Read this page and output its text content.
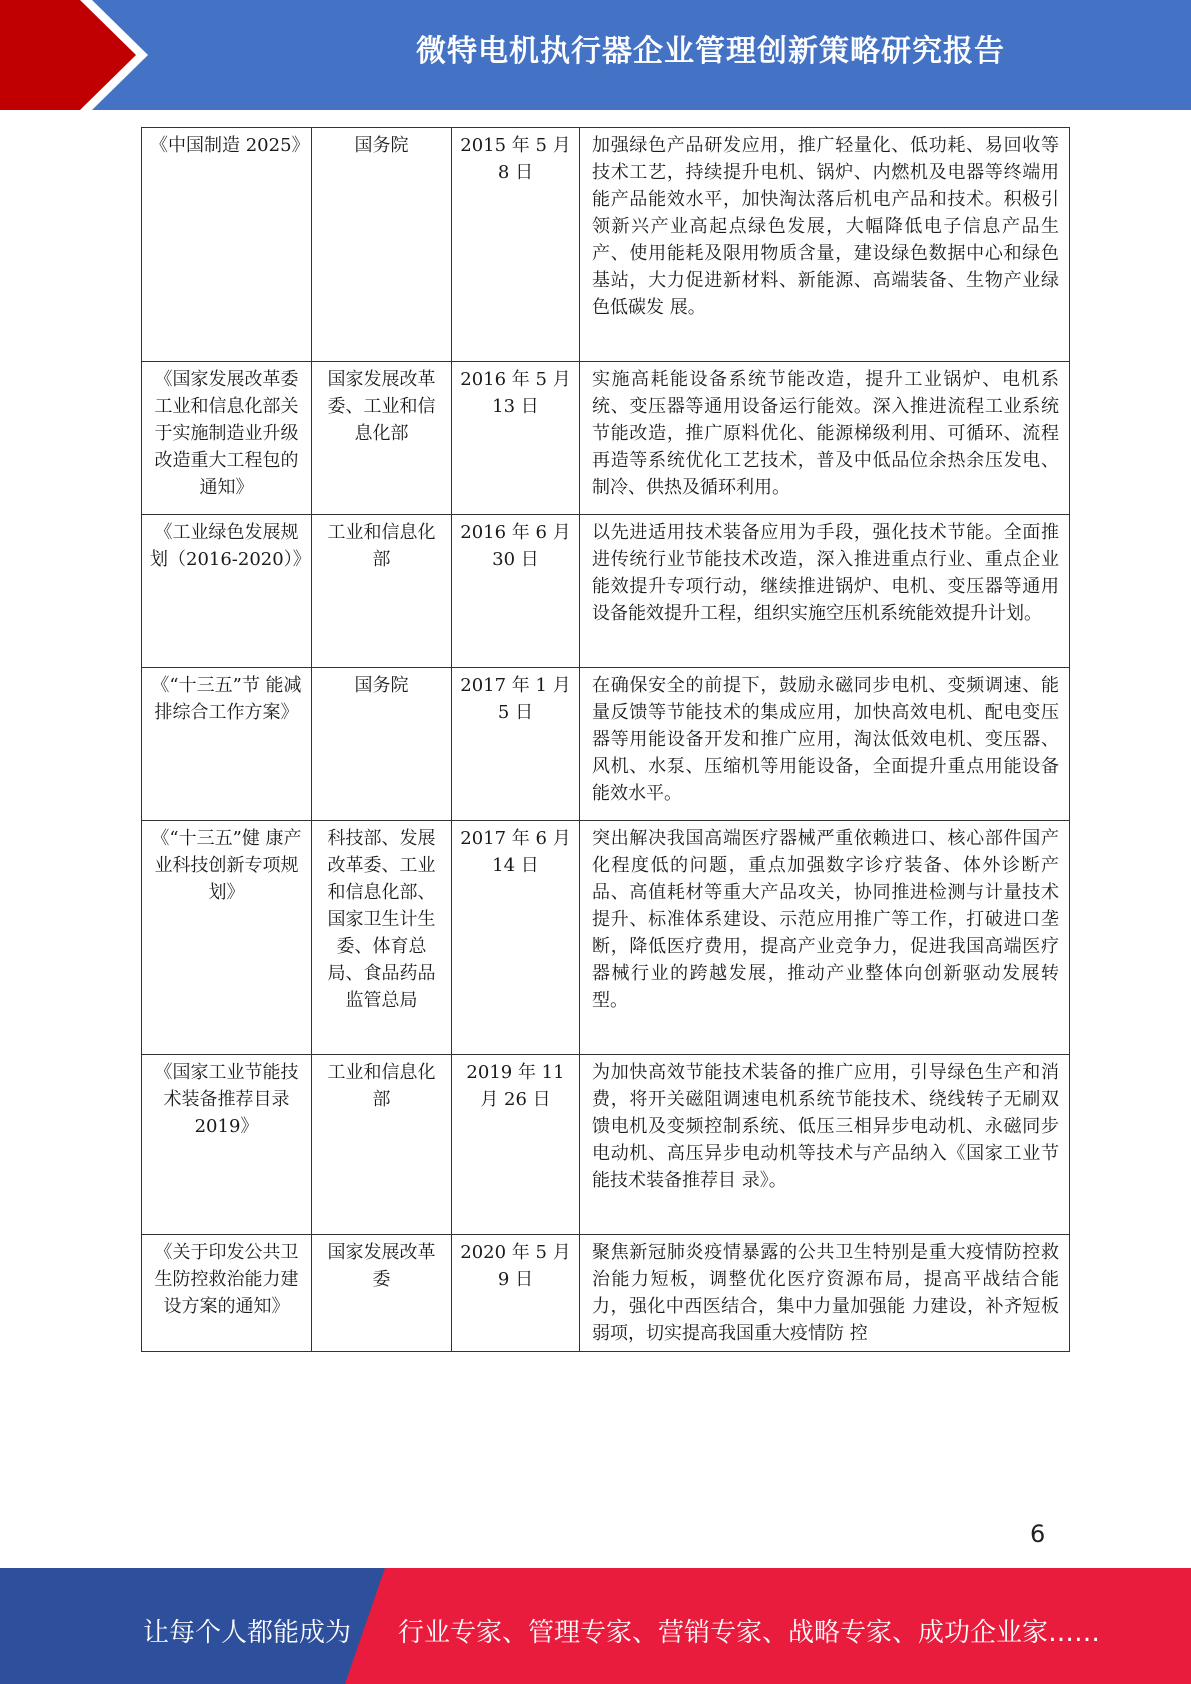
微特电机执行器企业管理创新策略研究报告
《中国制造 2025》	国务院	2015 年 5 月 8 日	加强绿色产品研发应用，推广轻量化、低功耗、易回收等技术工艺，持续提升电机、锅炉、内燃机及电器等终端用能产品能效水平，加快淘汰落后机电产品和技术。积极引领新兴产业高起点绿色发展，大幅降低电子信息产品生产、使用能耗及限用物质含量，建设绿色数据中心和绿色基站，大力促进新材料、新能源、高端装备、生物产业绿色低碳发 展。
《国家发展改革委工业和信息化部关于实施制造业升级改造重大工程包的通知》	国家发展改革委、工业和信息化部	2016 年 5 月 13 日	实施高耗能设备系统节能改造，提升工业锅炉、电机系统、变压器等通用设备运行能效。深入推进流程工业系统节能改造，推广原料优化、能源梯级利用、可循环、流程再造等系统优化工艺技术，普及中低品位余热余压发电、制冷、供热及循环利用。
《工业绿色发展规划（2016-2020）》	工业和信息化部	2016 年 6 月 30 日	以先进适用技术装备应用为手段，强化技术节能。全面推进传统行业节能技术改造，深入推进重点行业、重点企业能效提升专项行动，继续推进锅炉、电机、变压器等通用设备能效提升工程，组织实施空压机系统能效提升计划。
《“十三五”节 能减排综合工作方案》	国务院	2017 年 1 月 5 日	在确保安全的前提下，鼓励永磁同步电机、变频调速、能量反馈等节能技术的集成应用，加快高效电机、配电变压器等用能设备开发和推广应用，淘汰低效电机、变压器、风机、水泵、压缩机等用能设备，全面提升重点用能设备能效水平。
《“十三五”健 康产业科技创新专项规划》	科技部、发展改革委、工业和信息化部、国家卫生计生委、体育总局、食品药品监管总局	2017 年 6 月 14 日	突出解决我国高端医疗器械严重依赖进口、核心部件国产化程度低的问题，重点加强数字诊疗装备、体外诊断产品、高值耗材等重大产品攻关，协同推进检测与计量技术提升、标准体系建设、示范应用推广等工作，打破进口垄断，降低医疗费用，提高产业竞争力，促进我国高端医疗器械行业的跨越发展，推动产业整体向创新驱动发展转型。
《国家工业节能技术装备推荐目录 2019》	工业和信息化部	2019 年 11 月 26 日	为加快高效节能技术装备的推广应用，引导绿色生产和消费，将开关磁阻调速电机系统节能技术、绕线转子无刷双馈电机及变频控制系统、低压三相异步电动机、永磁同步电动机、高压异步电动机等技术与产品纳入《国家工业节能技术装备推荐目 录》。
《关于印发公共卫生防控救治能力建设方案的通知》	国家发展改革委	2020 年 5 月 9 日	聚焦新冠肺炎疫情暴露的公共卫生特别是重大疫情防控救治能力短板，调整优化医疗资源布局，提高平战结合能力，强化中西医结合，集中力量加强能 力建设，补齐短板弱项，切实提高我国重大疫情防 控
6
让每个人都能成为 行业专家、管理专家、营销专家、战略专家、成功企业家……
